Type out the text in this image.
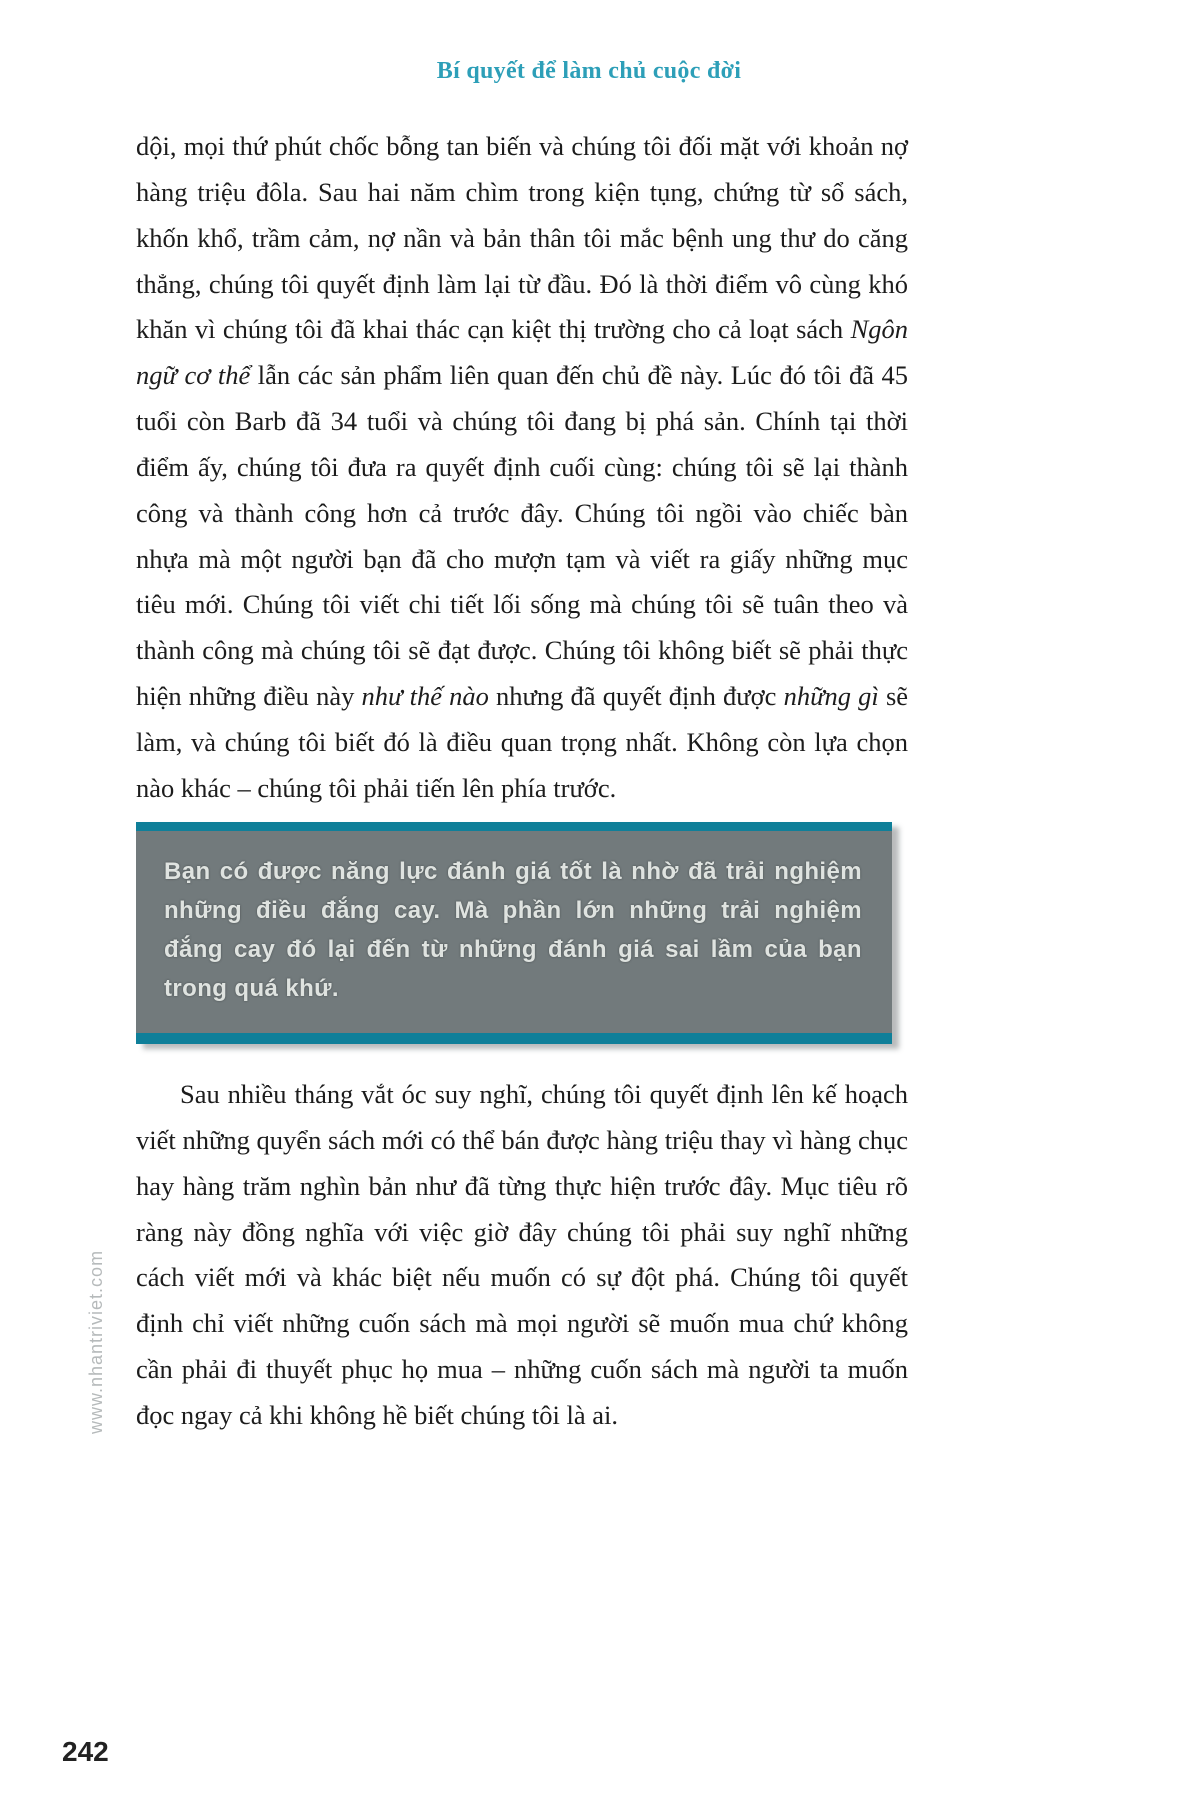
Bí quyết để làm chủ cuộc đời

dội, mọi thứ phút chốc bỗng tan biến và chúng tôi đối mặt với khoản nợ hàng triệu đôla. Sau hai năm chìm trong kiện tụng, chứng từ sổ sách, khốn khổ, trầm cảm, nợ nần và bản thân tôi mắc bệnh ung thư do căng thẳng, chúng tôi quyết định làm lại từ đầu. Đó là thời điểm vô cùng khó khăn vì chúng tôi đã khai thác cạn kiệt thị trường cho cả loạt sách Ngôn ngữ cơ thể lẫn các sản phẩm liên quan đến chủ đề này. Lúc đó tôi đã 45 tuổi còn Barb đã 34 tuổi và chúng tôi đang bị phá sản. Chính tại thời điểm ấy, chúng tôi đưa ra quyết định cuối cùng: chúng tôi sẽ lại thành công và thành công hơn cả trước đây. Chúng tôi ngồi vào chiếc bàn nhựa mà một người bạn đã cho mượn tạm và viết ra giấy những mục tiêu mới. Chúng tôi viết chi tiết lối sống mà chúng tôi sẽ tuân theo và thành công mà chúng tôi sẽ đạt được. Chúng tôi không biết sẽ phải thực hiện những điều này như thế nào nhưng đã quyết định được những gì sẽ làm, và chúng tôi biết đó là điều quan trọng nhất. Không còn lựa chọn nào khác – chúng tôi phải tiến lên phía trước.

Bạn có được năng lực đánh giá tốt là nhờ đã trải nghiệm những điều đắng cay. Mà phần lớn những trải nghiệm đắng cay đó lại đến từ những đánh giá sai lầm của bạn trong quá khứ.

Sau nhiều tháng vắt óc suy nghĩ, chúng tôi quyết định lên kế hoạch viết những quyển sách mới có thể bán được hàng triệu thay vì hàng chục hay hàng trăm nghìn bản như đã từng thực hiện trước đây. Mục tiêu rõ ràng này đồng nghĩa với việc giờ đây chúng tôi phải suy nghĩ những cách viết mới và khác biệt nếu muốn có sự đột phá. Chúng tôi quyết định chỉ viết những cuốn sách mà mọi người sẽ muốn mua chứ không cần phải đi thuyết phục họ mua – những cuốn sách mà người ta muốn đọc ngay cả khi không hề biết chúng tôi là ai.

www.nhantriviet.com
242
